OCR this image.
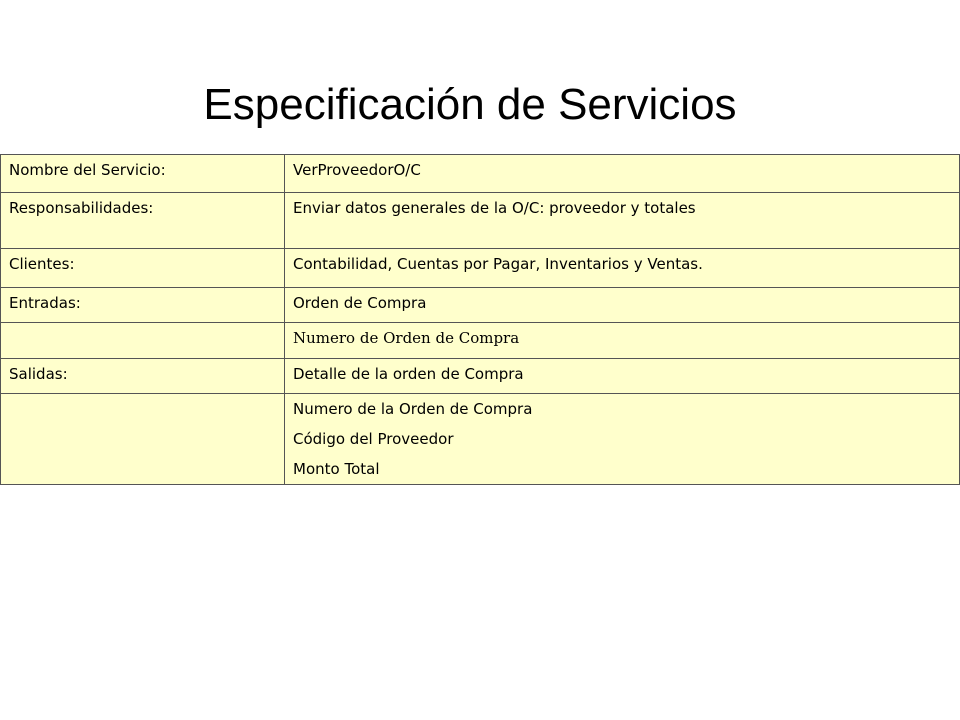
Especificación de Servicios
Nombre del Servicio:	VerProveedorO/C

Responsabilidades:	Enviar datos generales de la O/C: proveedor y totales

Clientes:	Contabilidad, Cuentas por Pagar, Inventarios y Ventas.

Entradas:	Orden de Compra

	Numero de Orden de Compra

Salidas:	Detalle de la orden de Compra

	Numero de la Orden de Compra
Código del Proveedor
Monto Total
